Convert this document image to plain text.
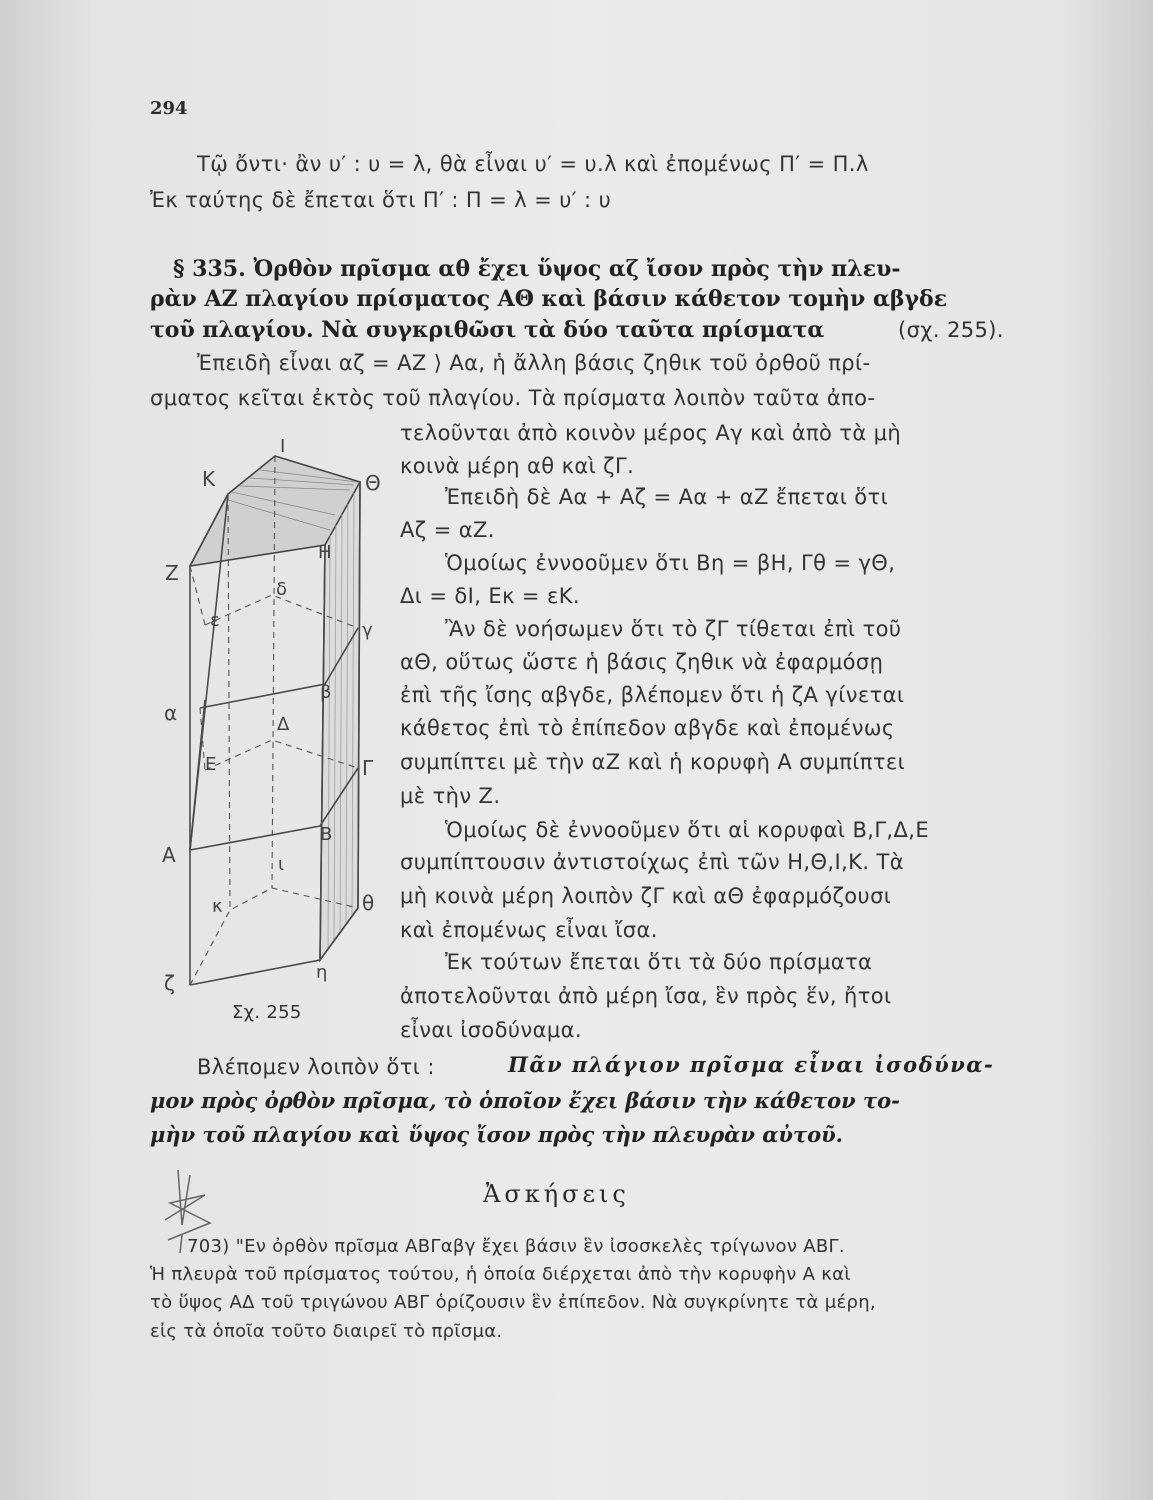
294
Τῷ ὄντι· ἂν υ′ : υ = λ, θὰ εἶναι υ′ = υ.λ καὶ ἐπομένως Π′ = Π.λ
Ἐκ ταύτης δὲ ἔπεται ὅτι Π′ : Π = λ = υ′ : υ
§ 335. Ὀρθὸν πρῖσμα αθ ἔχει ὕψος αζ ἴσον πρὸς τὴν πλευ-
ρὰν ΑΖ πλαγίου πρίσματος ΑΘ καὶ βάσιν κάθετον τομὴν αβγδε
τοῦ πλαγίου. Νὰ συγκριθῶσι τὰ δύο ταῦτα πρίσματα	(σχ. 255).
Ἐπειδὴ εἶναι αζ = ΑΖ ⟩ Αα, ἡ ἄλλη βάσις ζηθικ τοῦ ὀρθοῦ πρί-
σματος κεῖται ἐκτὸς τοῦ πλαγίου. Τὰ πρίσματα λοιπὸν ταῦτα ἀπο-
τελοῦνται ἀπὸ κοινὸν μέρος Αγ καὶ ἀπὸ τὰ μὴ
κοινὰ μέρη αθ καὶ ζΓ.
Ἐπειδὴ δὲ Αα + Αζ = Αα + αΖ ἔπεται ὅτι
Αζ = αΖ.
Ὁμοίως ἐννοοῦμεν ὅτι Βη = βΗ, Γθ = γΘ,
Δι = δΙ, Εκ = εΚ.
Ἂν δὲ νοήσωμεν ὅτι τὸ ζΓ τίθεται ἐπὶ τοῦ
αΘ, οὕτως ὥστε ἡ βάσις ζηθικ νὰ ἐφαρμόσῃ
ἐπὶ τῆς ἴσης αβγδε, βλέπομεν ὅτι ἡ ζΑ γίνεται
κάθετος ἐπὶ τὸ ἐπίπεδον αβγδε καὶ ἐπομένως
συμπίπτει μὲ τὴν αΖ καὶ ἡ κορυφὴ Α συμπίπτει
μὲ τὴν Ζ.
Ὁμοίως δὲ ἐννοοῦμεν ὅτι αἱ κορυφαὶ Β,Γ,Δ,Ε
συμπίπτουσιν ἀντιστοίχως ἐπὶ τῶν Η,Θ,Ι,Κ. Τὰ
μὴ κοινὰ μέρη λοιπὸν ζΓ καὶ αΘ ἐφαρμόζουσι
καὶ ἐπομένως εἶναι ἴσα.
Ἐκ τούτων ἔπεται ὅτι τὰ δύο πρίσματα
ἀποτελοῦνται ἀπὸ μέρη ἴσα, ἓν πρὸς ἕν, ἤτοι
εἶναι ἰσοδύναμα.
Ι
Κ	Θ
Ζ
Η
δ
ε	γ
β
α	Δ
Ε	Γ
Β
Α	ι
κ	θ
η
ζ
Σχ. 255
Βλέπομεν λοιπὸν ὅτι :	Πᾶν πλάγιον πρῖσμα εἶναι ἰσοδύνα-
μον πρὸς ὀρθὸν πρῖσμα, τὸ ὁποῖον ἔχει βάσιν τὴν κάθετον το-
μὴν τοῦ πλαγίου καὶ ὕψος ἴσον πρὸς τὴν πλευρὰν αὐτοῦ.
Ἀσκήσεις
703) "Εν ὀρθὸν πρῖσμα ΑΒΓαβγ ἔχει βάσιν ἓν ἰσοσκελὲς τρίγωνον ΑΒΓ.
Ἡ πλευρὰ τοῦ πρίσματος τούτου, ἡ ὁποία διέρχεται ἀπὸ τὴν κορυφὴν Α καὶ
τὸ ὕψος ΑΔ τοῦ τριγώνου ΑΒΓ ὁρίζουσιν ἓν ἐπίπεδον. Νὰ συγκρίνητε τὰ μέρη,
εἰς τὰ ὁποῖα τοῦτο διαιρεῖ τὸ πρῖσμα.
